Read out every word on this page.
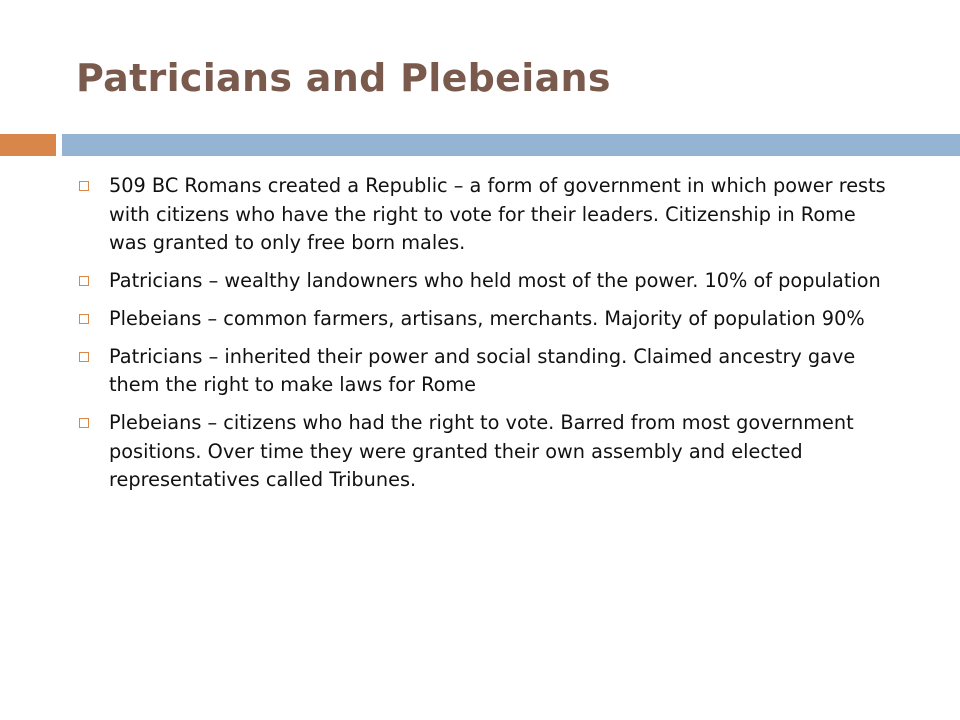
Patricians and Plebeians
509 BC Romans created a Republic – a form of government in which power rests with citizens who have the right to vote for their leaders. Citizenship in Rome was granted to only free born males.
Patricians – wealthy landowners who held most of the power. 10% of population
Plebeians – common farmers, artisans, merchants. Majority of population 90%
Patricians – inherited their power and social standing. Claimed ancestry gave them the right to make laws for Rome
Plebeians – citizens who had the right to vote. Barred from most government positions. Over time they were granted their own assembly and elected representatives called Tribunes.
